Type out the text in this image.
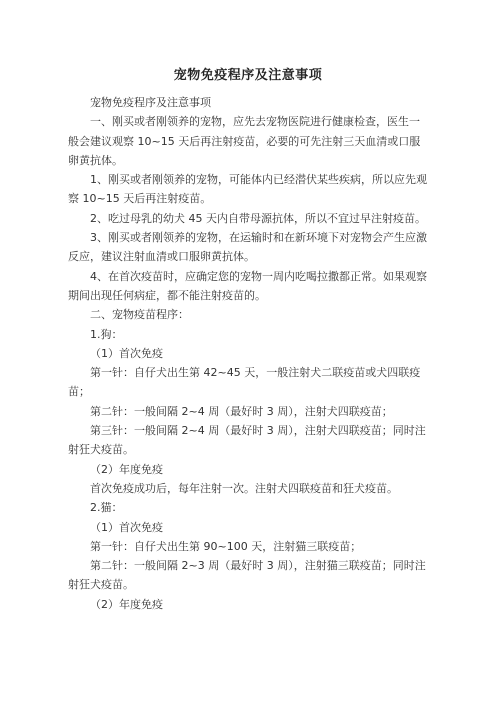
宠物免疫程序及注意事项

宠物免疫程序及注意事项

一、刚买或者刚领养的宠物，应先去宠物医院进行健康检查，医生一般会建议观察 10~15 天后再注射疫苗，必要的可先注射三天血清或口服卵黄抗体。

1、刚买或者刚领养的宠物，可能体内已经潜伏某些疾病，所以应先观察 10~15 天后再注射疫苗。

2、吃过母乳的幼犬 45 天内自带母源抗体，所以不宜过早注射疫苗。

3、刚买或者刚领养的宠物，在运输时和在新环境下对宠物会产生应激反应，建议注射血清或口服卵黄抗体。

4、在首次疫苗时，应确定您的宠物一周内吃喝拉撒都正常。如果观察期间出现任何病症，都不能注射疫苗的。

二、宠物疫苗程序：

1.狗：

（1）首次免疫

第一针：自仔犬出生第 42~45 天，一般注射犬二联疫苗或犬四联疫苗；

第二针：一般间隔 2~4 周（最好时 3 周），注射犬四联疫苗；

第三针：一般间隔 2~4 周（最好时 3 周），注射犬四联疫苗；同时注射狂犬疫苗。

（2）年度免疫

首次免疫成功后，每年注射一次。注射犬四联疫苗和狂犬疫苗。

2.猫：

（1）首次免疫

第一针：自仔犬出生第 90~100 天，注射猫三联疫苗；

第二针：一般间隔 2~3 周（最好时 3 周），注射猫三联疫苗；同时注射狂犬疫苗。

（2）年度免疫
